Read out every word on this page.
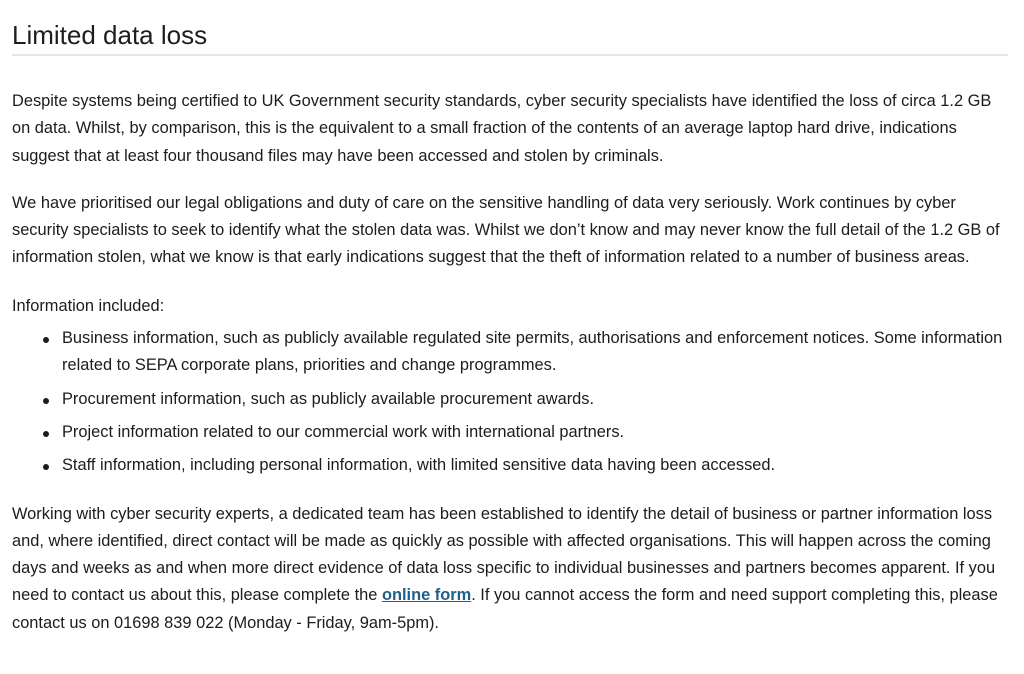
Limited data loss

Despite systems being certified to UK Government security standards, cyber security specialists have identified the loss of circa 1.2 GB on data. Whilst, by comparison, this is the equivalent to a small fraction of the contents of an average laptop hard drive, indications suggest that at least four thousand files may have been accessed and stolen by criminals.

We have prioritised our legal obligations and duty of care on the sensitive handling of data very seriously. Work continues by cyber security specialists to seek to identify what the stolen data was. Whilst we don’t know and may never know the full detail of the 1.2 GB of information stolen, what we know is that early indications suggest that the theft of information related to a number of business areas.

Information included:

Business information, such as publicly available regulated site permits, authorisations and enforcement notices. Some information related to SEPA corporate plans, priorities and change programmes.
Procurement information, such as publicly available procurement awards.
Project information related to our commercial work with international partners.
Staff information, including personal information, with limited sensitive data having been accessed.

Working with cyber security experts, a dedicated team has been established to identify the detail of business or partner information loss and, where identified, direct contact will be made as quickly as possible with affected organisations. This will happen across the coming days and weeks as and when more direct evidence of data loss specific to individual businesses and partners becomes apparent. If you need to contact us about this, please complete the online form. If you cannot access the form and need support completing this, please contact us on 01698 839 022 (Monday - Friday, 9am-5pm).
